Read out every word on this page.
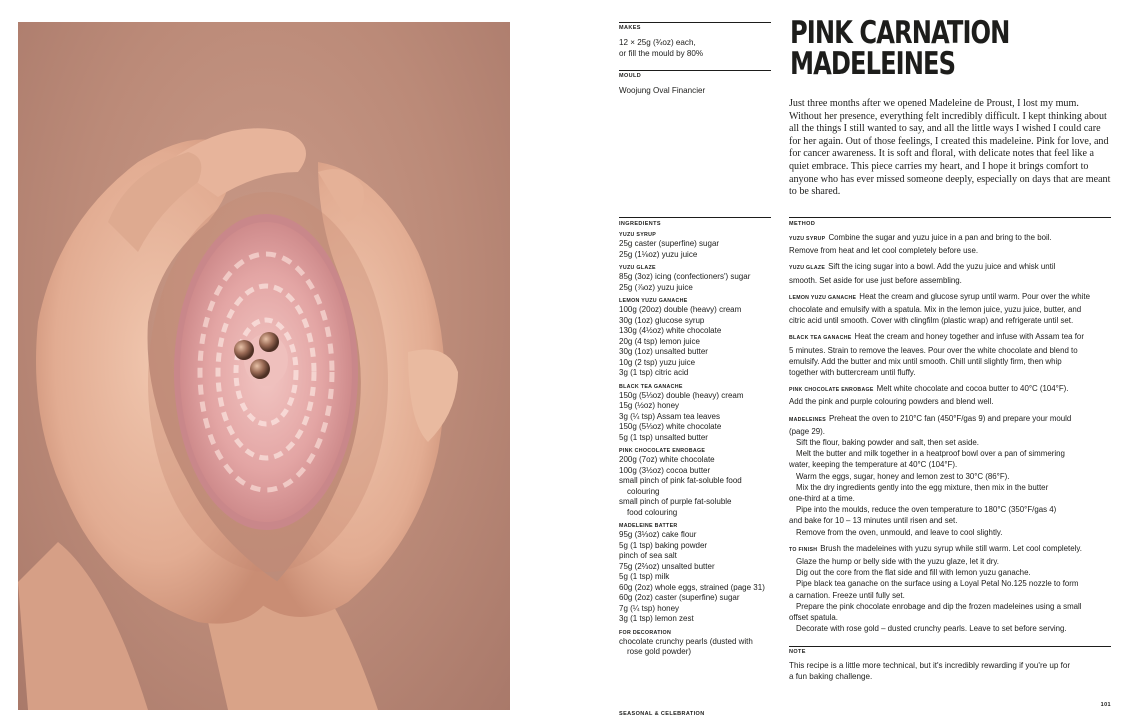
MAKES
12 × 25g (¾oz) each,
or fill the mould by 80%
MOULD
Woojung Oval Financier
PINK CARNATION
MADELEINES
Just three months after we opened Madeleine de Proust, I lost my mum. Without her presence, everything felt incredibly difficult. I kept thinking about all the things I still wanted to say, and all the little ways I wished I could care for her again. Out of those feelings, I created this madeleine. Pink for love, and for cancer awareness. It is soft and floral, with delicate notes that feel like a quiet embrace. This piece carries my heart, and I hope it brings comfort to anyone who has ever missed someone deeply, especially on days that are meant to be shared.
INGREDIENTS
YUZU SYRUP
25g caster (superfine) sugar
25g (1⅛oz) yuzu juice
YUZU GLAZE
85g (3oz) icing (confectioners') sugar
25g (⅞oz) yuzu juice
LEMON YUZU GANACHE
100g (20oz) double (heavy) cream
30g (1oz) glucose syrup
130g (4½oz) white chocolate
20g (4 tsp) lemon juice
30g (1oz) unsalted butter
10g (2 tsp) yuzu juice
3g (1 tsp) citric acid
BLACK TEA GANACHE
150g (5⅓oz) double (heavy) cream
15g (½oz) honey
3g (¼ tsp) Assam tea leaves
150g (5⅓oz) white chocolate
5g (1 tsp) unsalted butter
PINK CHOCOLATE ENROBAGE
200g (7oz) white chocolate
100g (3½oz) cocoa butter
small pinch of pink fat-soluble food
colouring
small pinch of purple fat-soluble
food colouring
MADELEINE BATTER
95g (3⅓oz) cake flour
5g (1 tsp) baking powder
pinch of sea salt
75g (2⅔oz) unsalted butter
5g (1 tsp) milk
60g (2oz) whole eggs, strained (page 31)
60g (2oz) caster (superfine) sugar
7g (¼ tsp) honey
3g (1 tsp) lemon zest
FOR DECORATION
chocolate crunchy pearls (dusted with
rose gold powder)
METHOD
YUZU SYRUP Combine the sugar and yuzu juice in a pan and bring to the boil.
Remove from heat and let cool completely before use.
YUZU GLAZE Sift the icing sugar into a bowl. Add the yuzu juice and whisk until
smooth. Set aside for use just before assembling.
LEMON YUZU GANACHE Heat the cream and glucose syrup until warm. Pour over the white
chocolate and emulsify with a spatula. Mix in the lemon juice, yuzu juice, butter, and
citric acid until smooth. Cover with clingfilm (plastic wrap) and refrigerate until set.
BLACK TEA GANACHE Heat the cream and honey together and infuse with Assam tea for
5 minutes. Strain to remove the leaves. Pour over the white chocolate and blend to
emulsify. Add the butter and mix until smooth. Chill until slightly firm, then whip
together with buttercream until fluffy.
PINK CHOCOLATE ENROBAGE Melt white chocolate and cocoa butter to 40°C (104°F).
Add the pink and purple colouring powders and blend well.
MADELEINES Preheat the oven to 210°C fan (450°F/gas 9) and prepare your mould
(page 29).
Sift the flour, baking powder and salt, then set aside.
Melt the butter and milk together in a heatproof bowl over a pan of simmering
water, keeping the temperature at 40°C (104°F).
Warm the eggs, sugar, honey and lemon zest to 30°C (86°F).
Mix the dry ingredients gently into the egg mixture, then mix in the butter
one-third at a time.
Pipe into the moulds, reduce the oven temperature to 180°C (350°F/gas 4)
and bake for 10 – 13 minutes until risen and set.
Remove from the oven, unmould, and leave to cool slightly.
TO FINISH Brush the madeleines with yuzu syrup while still warm. Let cool completely.
Glaze the hump or belly side with the yuzu glaze, let it dry.
Dig out the core from the flat side and fill with lemon yuzu ganache.
Pipe black tea ganache on the surface using a Loyal Petal No.125 nozzle to form
a carnation. Freeze until fully set.
Prepare the pink chocolate enrobage and dip the frozen madeleines using a small
offset spatula.
Decorate with rose gold – dusted crunchy pearls. Leave to set before serving.
NOTE
This recipe is a little more technical, but it's incredibly rewarding if you're up for
a fun baking challenge.
SEASONAL & CELEBRATION
101
